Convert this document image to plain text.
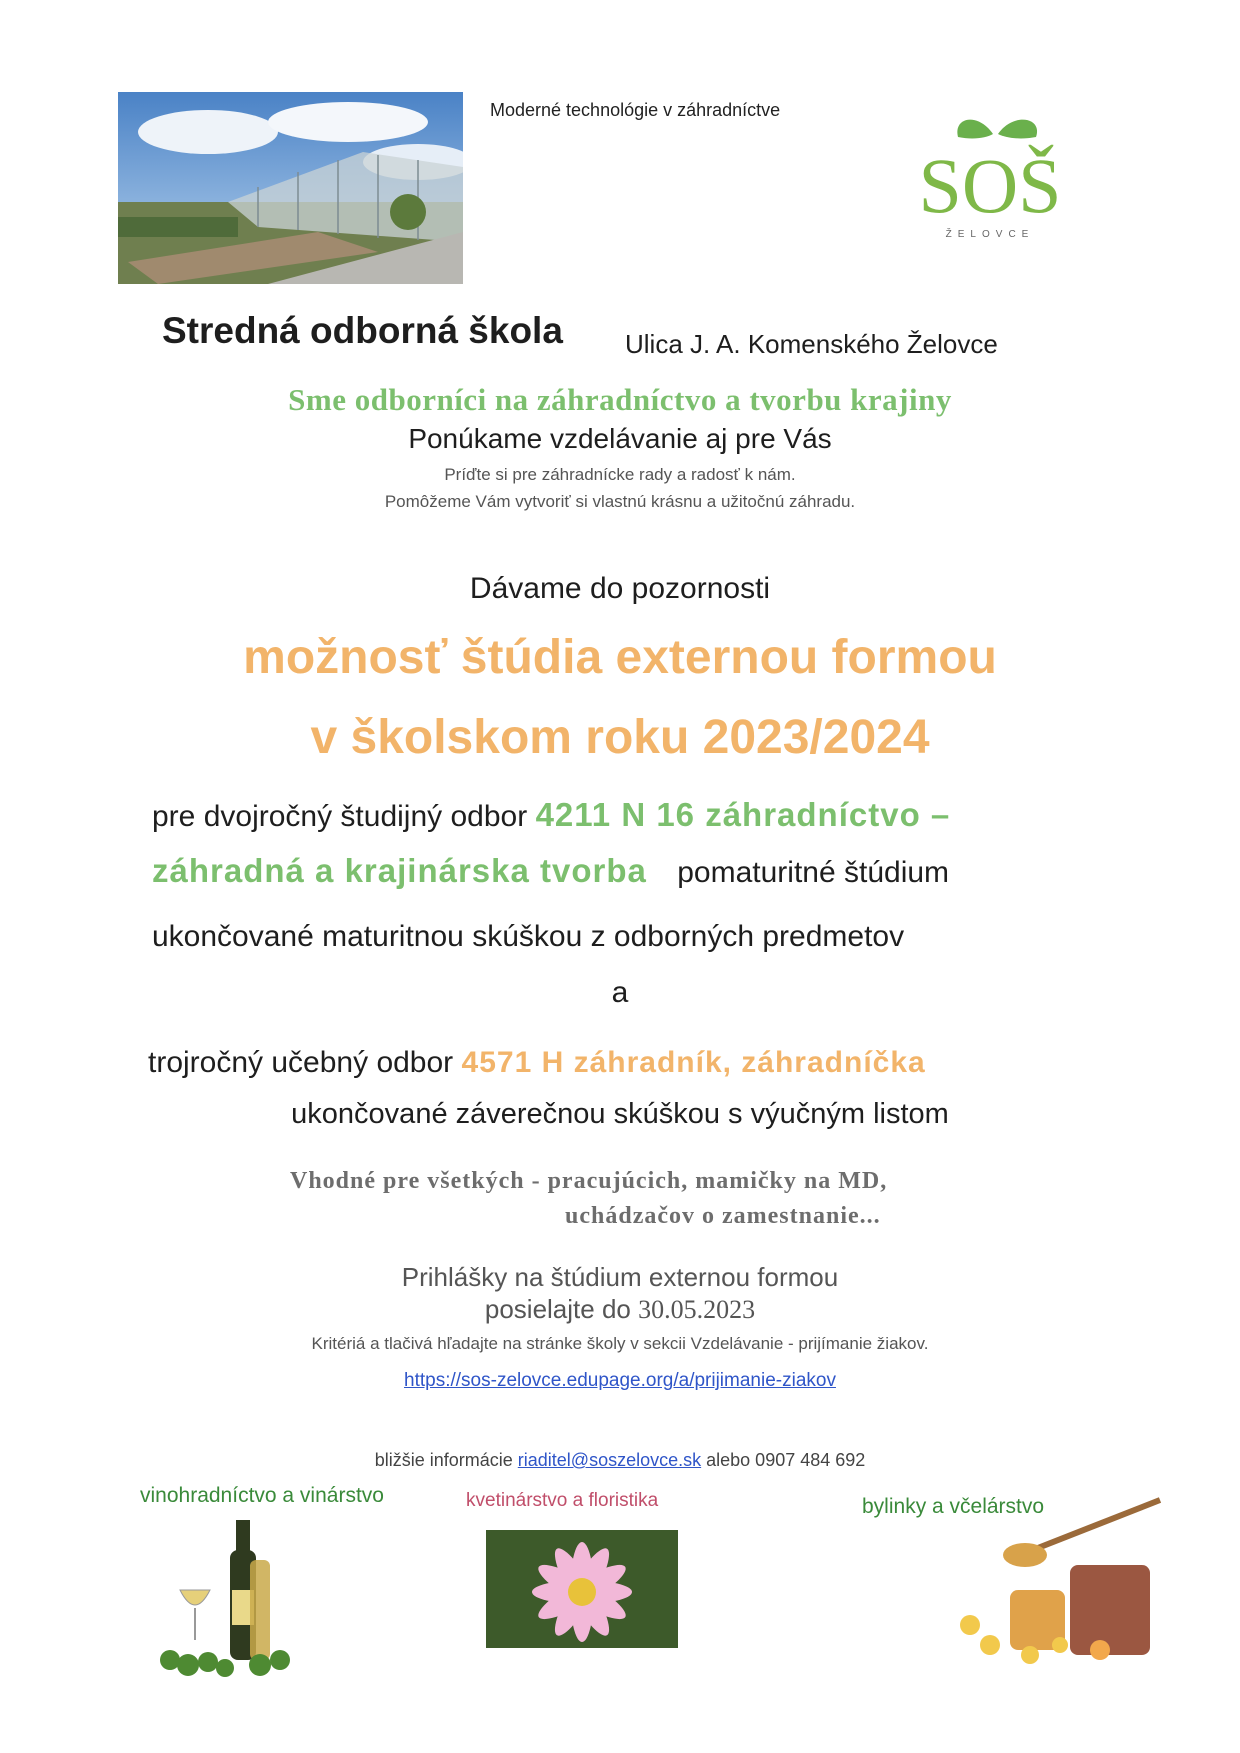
Moderné technológie v záhradníctve
SOŠ
ŽELOVCE
Stredná odborná škola Ulica J. A. Komenského Želovce
Sme odborníci na záhradníctvo a tvorbu krajiny
Ponúkame vzdelávanie aj pre Vás
Príďte si pre záhradnícke rady a radosť k nám.
Pomôžeme Vám vytvoriť si vlastnú krásnu a užitočnú záhradu.
Dávame do pozornosti
možnosť štúdia externou formou
v školskom roku 2023/2024
pre dvojročný študijný odbor 4211 N 16 záhradníctvo –
záhradná a krajinárska tvorba pomaturitné štúdium
ukončované maturitnou skúškou z odborných predmetov
a
trojročný učebný odbor 4571 H záhradník, záhradníčka
ukončované záverečnou skúškou s výučným listom
Vhodné pre všetkých - pracujúcich, mamičky na MD,
uchádzačov o zamestnanie...
Prihlášky na štúdium externou formou
posielajte do 30.05.2023
Kritériá a tlačivá hľadajte na stránke školy v sekcii Vzdelávanie - prijímanie žiakov.
https://sos-zelovce.edupage.org/a/prijimanie-ziakov
bližšie informácie riaditel@soszelovce.sk alebo 0907 484 692
vinohradníctvo a vinárstvo	kvetinárstvo a floristika	bylinky a včelárstvo
